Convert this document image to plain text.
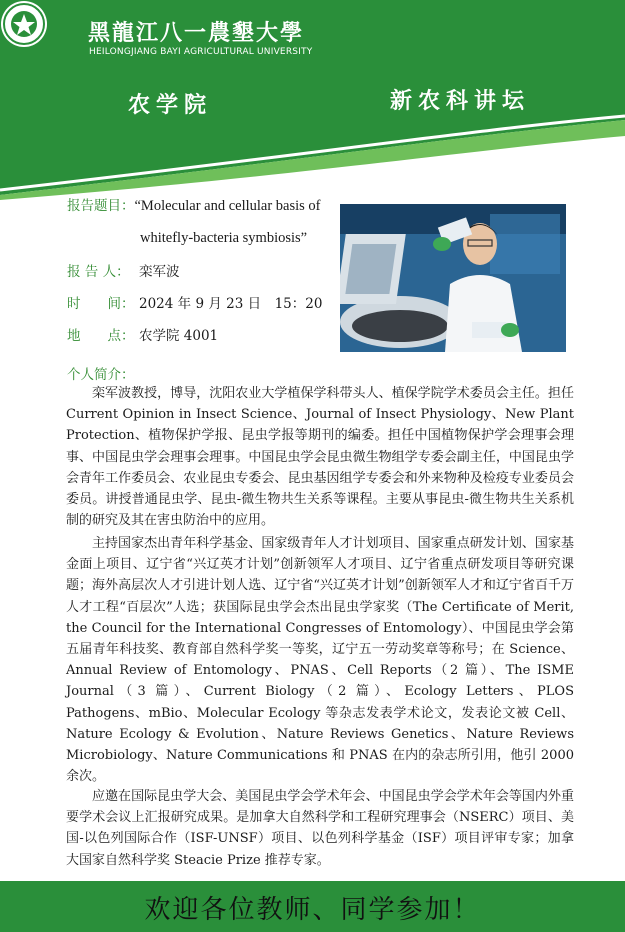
黑龍江八一農墾大學
HEILONGJIANG BAYI AGRICULTURAL UNIVERSITY
农学院	新农科讲坛
报告题目：“Molecular and cellular basis of
whitefly-bacteria symbiosis”
报 告 人： 栾军波
时　　间： 2024 年 9 月 23 日　15：20
地　　点： 农学院 4001
个人简介：
栾军波教授，博导，沈阳农业大学植保学科带头人、植保学院学术委员会主任。担任 Current Opinion in Insect Science、Journal of Insect Physiology、New Plant Protection、植物保护学报、昆虫学报等期刊的编委。担任中国植物保护学会理事会理事、中国昆虫学会理事会理事。中国昆虫学会昆虫微生物组学专委会副主任，中国昆虫学会青年工作委员会、农业昆虫专委会、昆虫基因组学专委会和外来物种及检疫专业委员会委员。讲授普通昆虫学、昆虫-微生物共生关系等课程。主要从事昆虫-微生物共生关系机制的研究及其在害虫防治中的应用。
主持国家杰出青年科学基金、国家级青年人才计划项目、国家重点研发计划、国家基金面上项目、辽宁省“兴辽英才计划”创新领军人才项目、辽宁省重点研发项目等研究课题；海外高层次人才引进计划人选、辽宁省“兴辽英才计划”创新领军人才和辽宁省百千万人才工程“百层次”人选；获国际昆虫学会杰出昆虫学家奖（The Certificate of Merit, the Council for the International Congresses of Entomology）、中国昆虫学会第五届青年科技奖、教育部自然科学奖一等奖，辽宁五一劳动奖章等称号；在 Science、Annual Review of Entomology、PNAS、Cell Reports（2 篇）、The ISME Journal（3 篇）、Current Biology（2 篇）、Ecology Letters、PLOS Pathogens、mBio、Molecular Ecology 等杂志发表学术论文，发表论文被 Cell、Nature Ecology & Evolution、Nature Reviews Genetics、Nature Reviews Microbiology、Nature Communications 和 PNAS 在内的杂志所引用，他引 2000 余次。
应邀在国际昆虫学大会、美国昆虫学会学术年会、中国昆虫学会学术年会等国内外重要学术会议上汇报研究成果。是加拿大自然科学和工程研究理事会（NSERC）项目、美国-以色列国际合作（ISF-UNSF）项目、以色列科学基金（ISF）项目评审专家；加拿大国家自然科学奖 Steacie Prize 推荐专家。
欢迎各位教师、同学参加！
